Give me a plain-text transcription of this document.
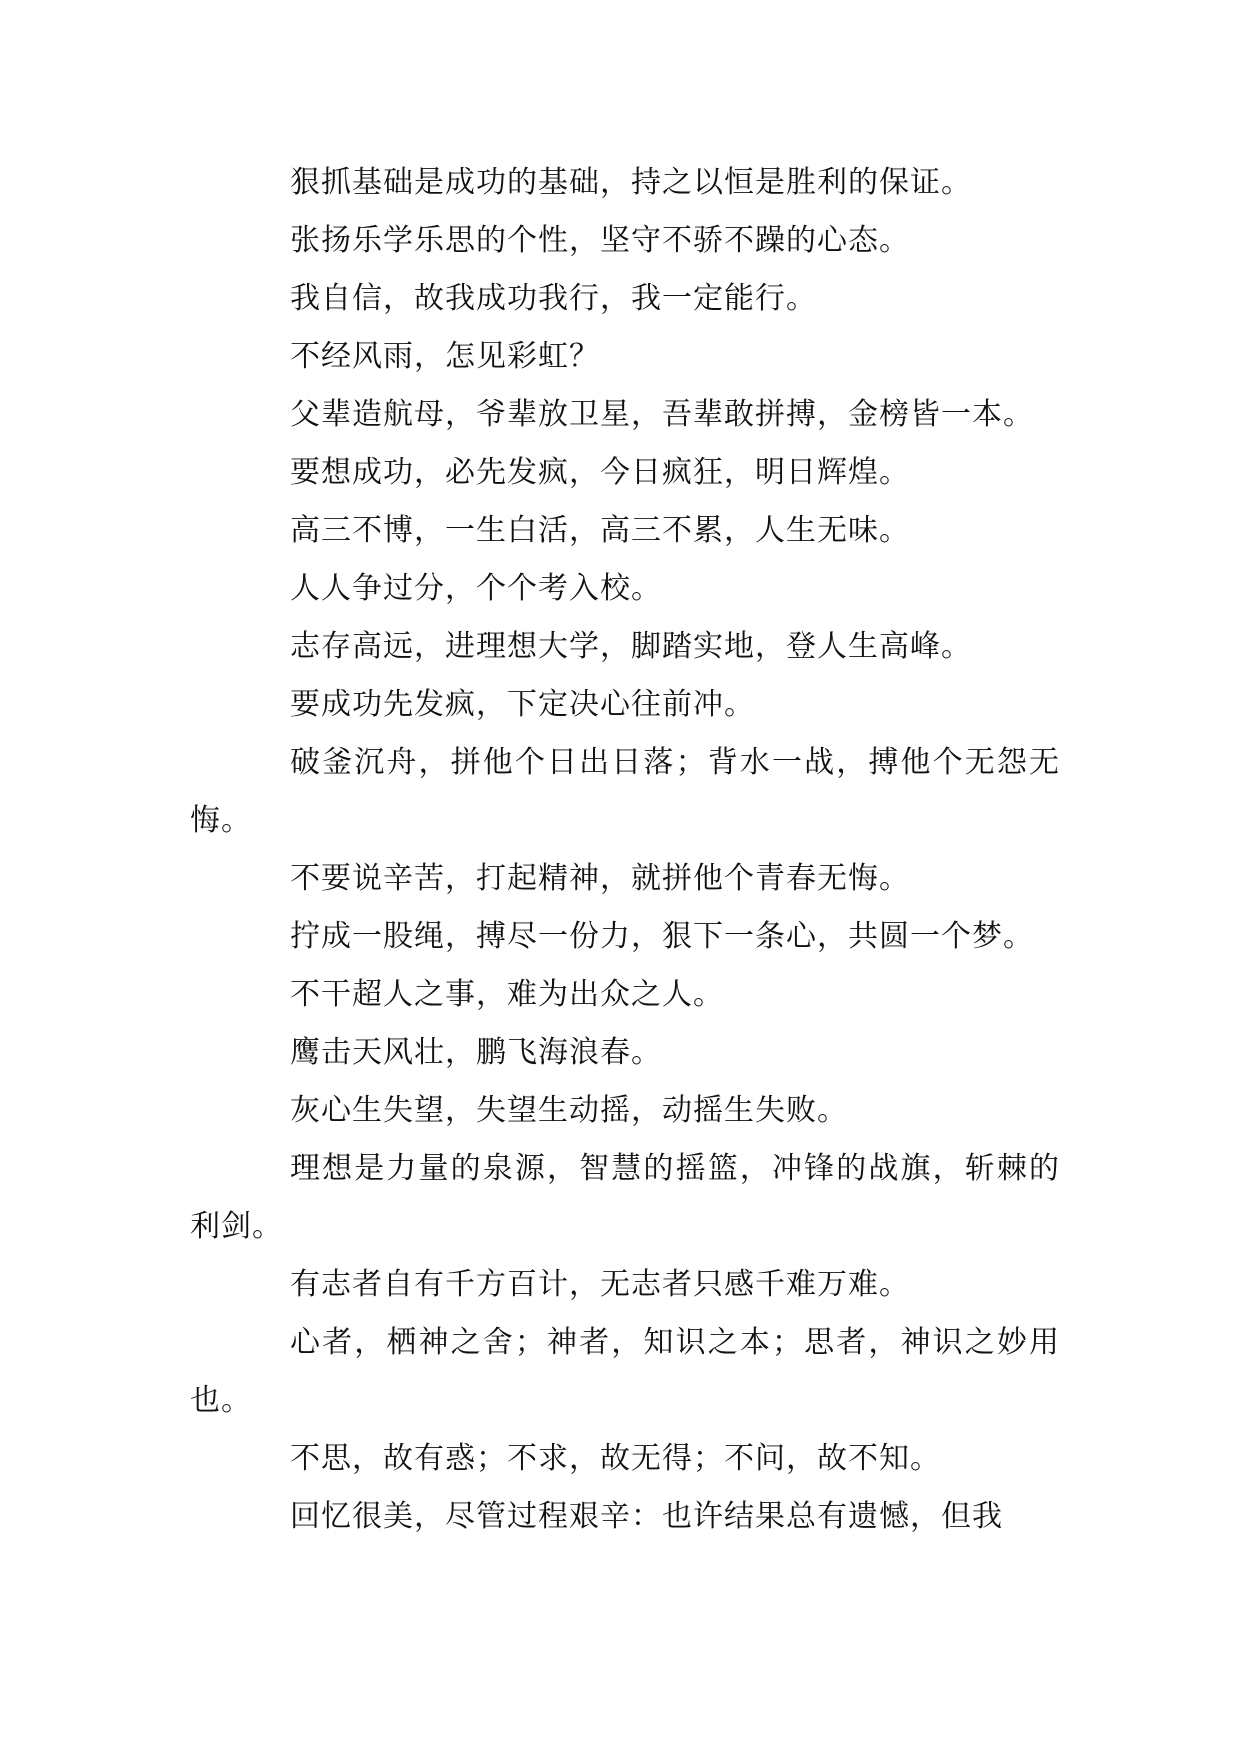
狠抓基础是成功的基础，持之以恒是胜利的保证。

张扬乐学乐思的个性，坚守不骄不躁的心态。

我自信，故我成功我行，我一定能行。

不经风雨，怎见彩虹？

父辈造航母，爷辈放卫星，吾辈敢拼搏，金榜皆一本。

要想成功，必先发疯，今日疯狂，明日辉煌。

高三不博，一生白活，高三不累，人生无味。

人人争过分，个个考入校。

志存高远，进理想大学，脚踏实地，登人生高峰。

要成功先发疯，下定决心往前冲。

破釜沉舟，拼他个日出日落；背水一战，搏他个无怨无悔。

不要说辛苦，打起精神，就拼他个青春无悔。

拧成一股绳，搏尽一份力，狠下一条心，共圆一个梦。

不干超人之事，难为出众之人。

鹰击天风壮，鹏飞海浪春。

灰心生失望，失望生动摇，动摇生失败。

理想是力量的泉源，智慧的摇篮，冲锋的战旗，斩棘的利剑。

有志者自有千方百计，无志者只感千难万难。

心者，栖神之舍；神者，知识之本；思者，神识之妙用也。

不思，故有惑；不求，故无得；不问，故不知。

回忆很美，尽管过程艰辛：也许结果总有遗憾，但我
